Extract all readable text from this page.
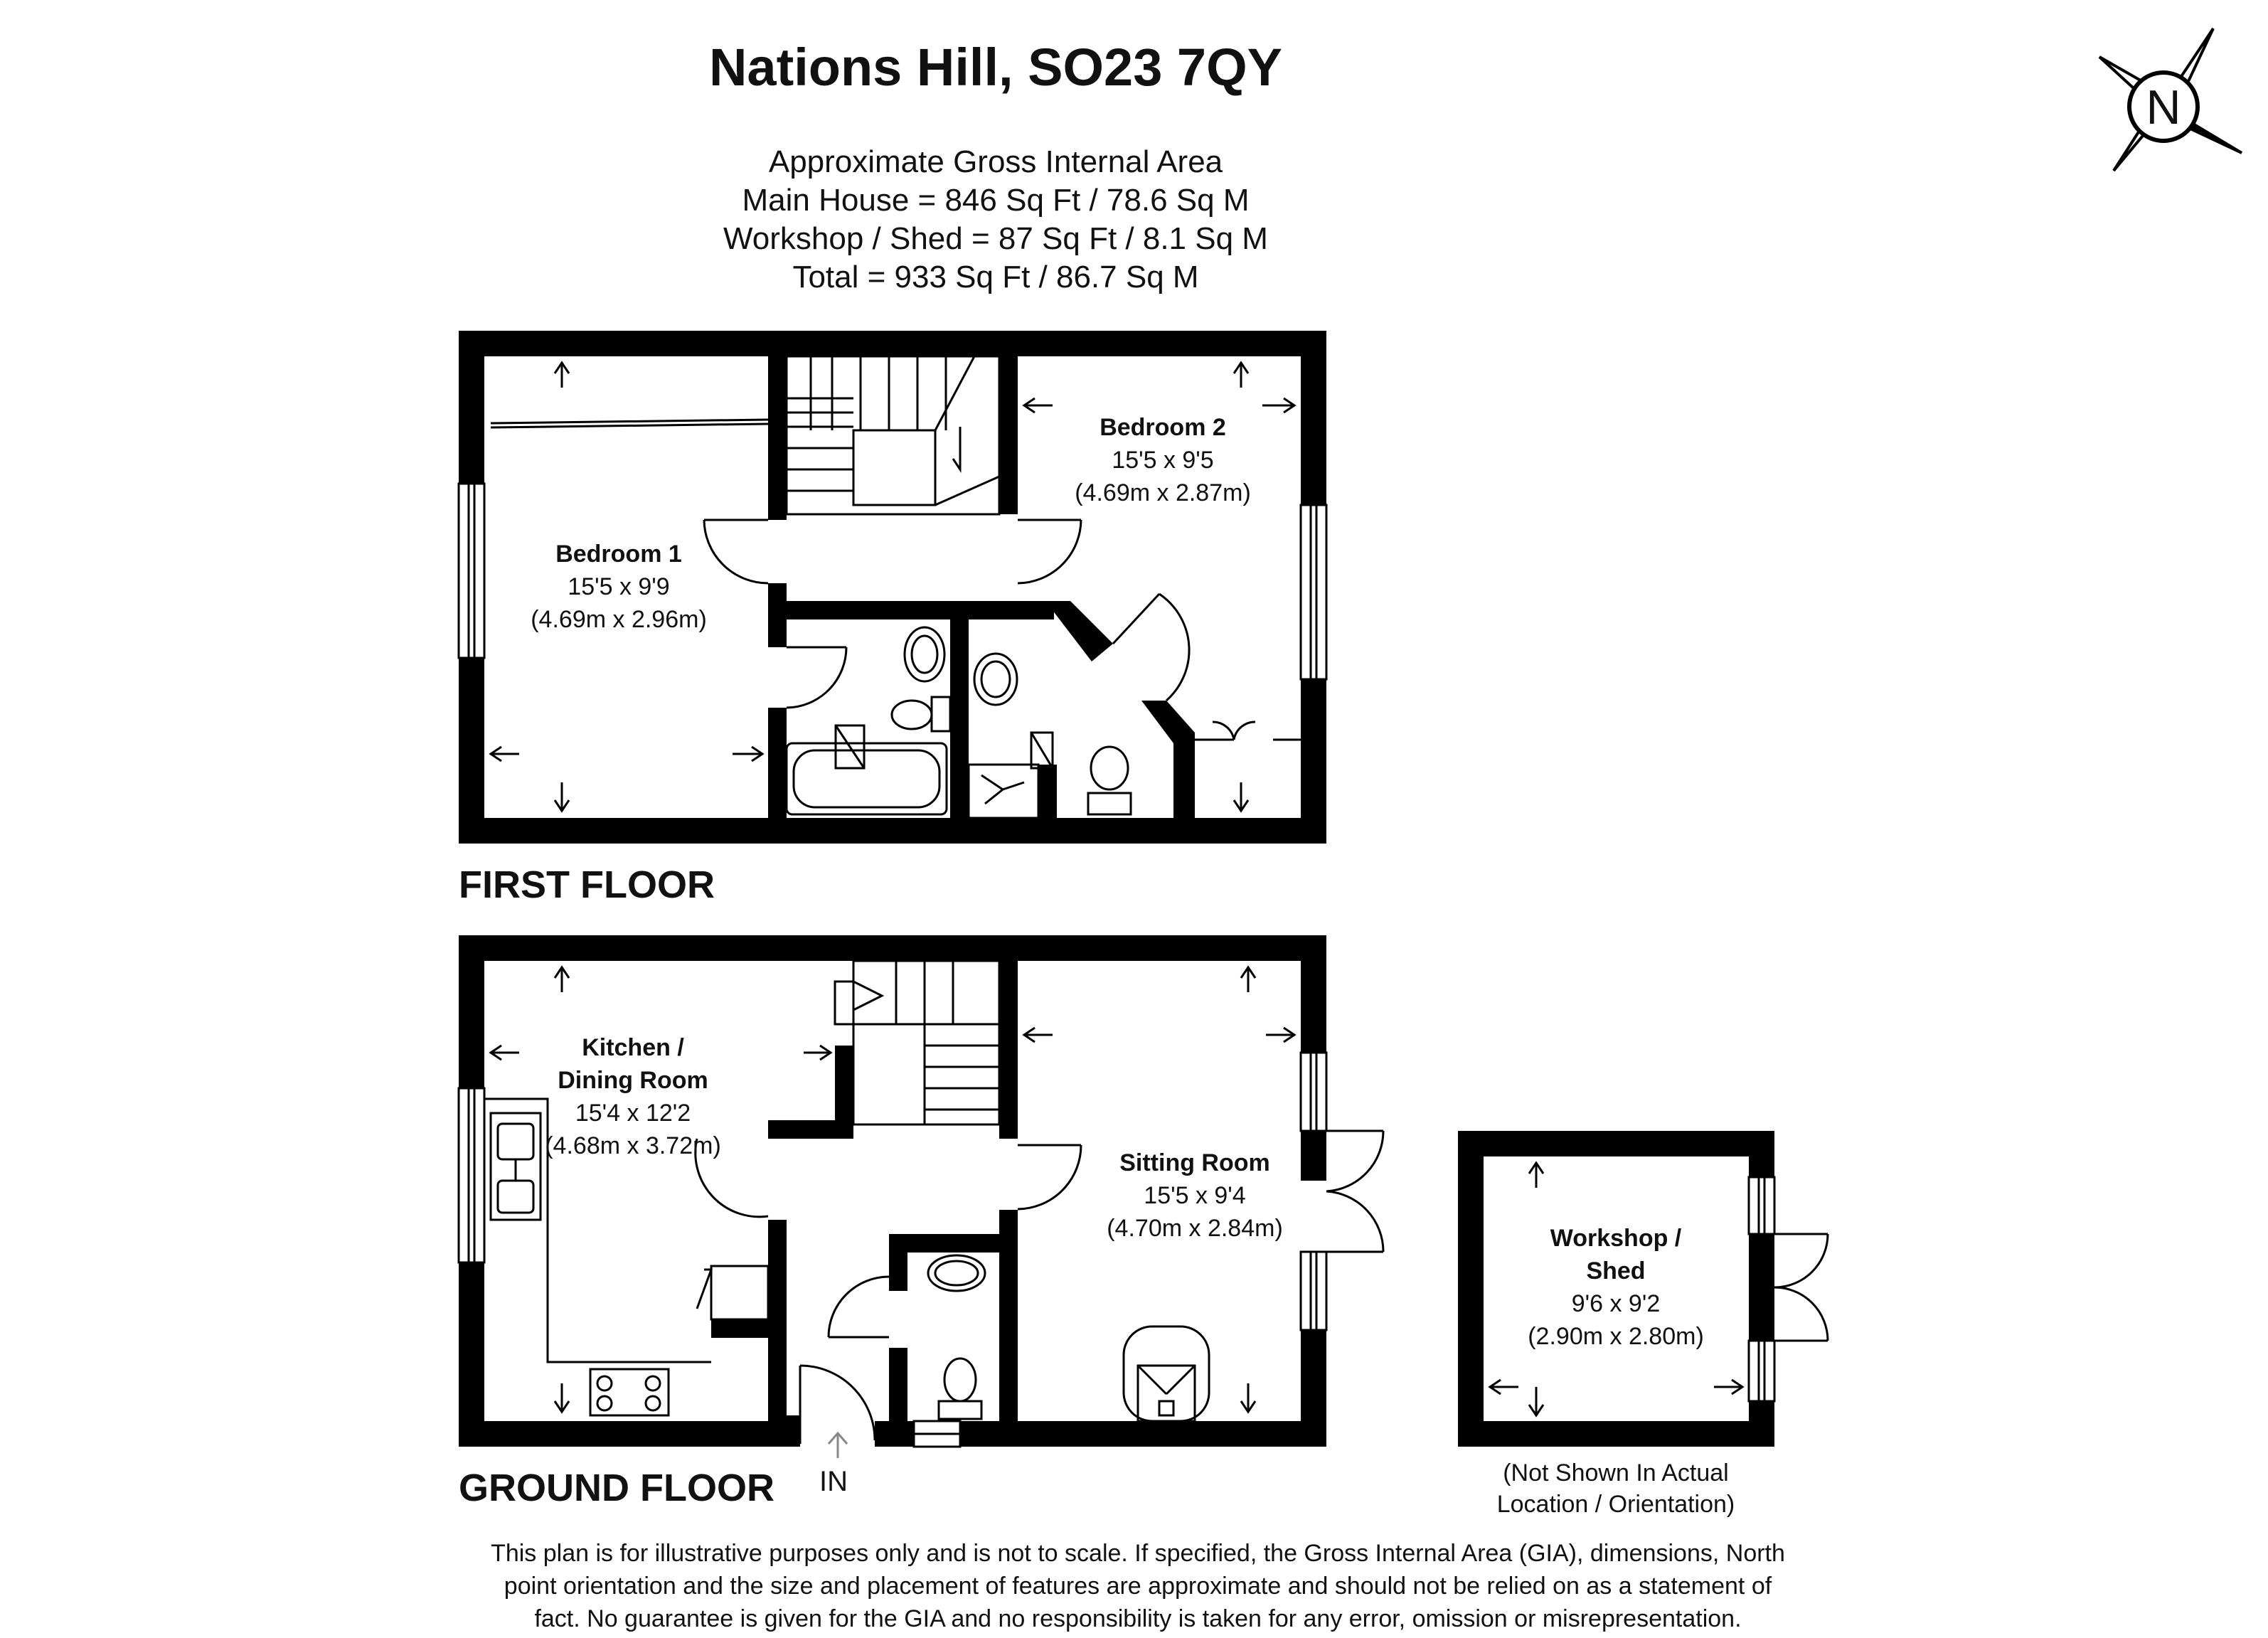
Nations Hill, SO23 7QY
Approximate Gross Internal Area
Main House = 846 Sq Ft / 78.6 Sq M
Workshop / Shed = 87 Sq Ft / 8.1 Sq M
Total = 933 Sq Ft / 86.7 Sq M
N
Bedroom 1
15'5 x 9'9
(4.69m x 2.96m)
Bedroom 2
15'5 x 9'5
(4.69m x 2.87m)
FIRST FLOOR
Kitchen /
Dining Room
15'4 x 12'2
(4.68m x 3.72m)
Sitting Room
15'5 x 9'4
(4.70m x 2.84m)
IN
GROUND FLOOR
Workshop /
Shed
9'6 x 9'2
(2.90m x 2.80m)
(Not Shown In Actual
Location / Orientation)
This plan is for illustrative purposes only and is not to scale. If specified, the Gross Internal Area (GIA), dimensions, North
point orientation and the size and placement of features are approximate and should not be relied on as a statement of
fact. No guarantee is given for the GIA and no responsibility is taken for any error, omission or misrepresentation.
